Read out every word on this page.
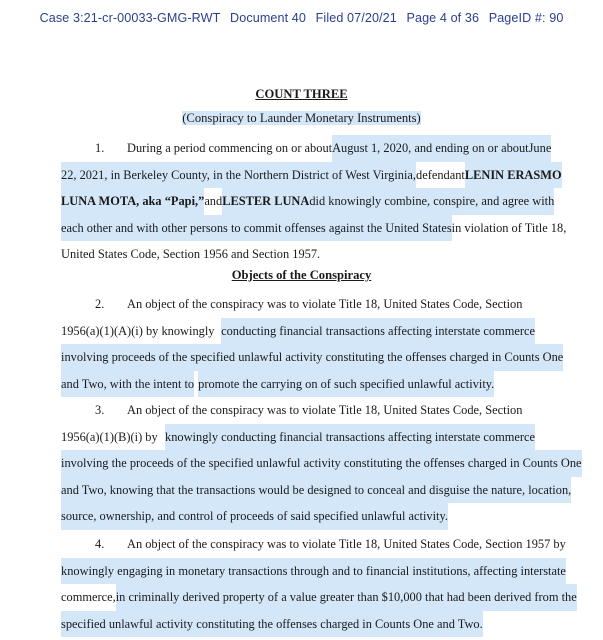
Case 3:21-cr-00033-GMG-RWT Document 40 Filed 07/20/21 Page 4 of 36 PageID #: 90
COUNT THREE
(Conspiracy to Launder Monetary Instruments)
1. During a period commencing on or about August 1, 2020, and ending on or about June
22, 2021, in Berkeley County, in the Northern District of West Virginia, defendant LENIN ERASMO
LUNA MOTA, aka “Papi,” and LESTER LUNA did knowingly combine, conspire, and agree with
each other and with other persons to commit offenses against the United States in violation of Title 18,
United States Code, Section 1956 and Section 1957.
Objects of the Conspiracy
2. An object of the conspiracy was to violate Title 18, United States Code, Section
1956(a)(1)(A)(i) by knowingly conducting financial transactions affecting interstate commerce
involving proceeds of the specified unlawful activity constituting the offenses charged in Counts One
and Two, with the intent to promote the carrying on of such specified unlawful activity.
3. An object of the conspiracy was to violate Title 18, United States Code, Section
1956(a)(1)(B)(i) by knowingly conducting financial transactions affecting interstate commerce
involving the proceeds of the specified unlawful activity constituting the offenses charged in Counts One
and Two, knowing that the transactions would be designed to conceal and disguise the nature, location,
source, ownership, and control of proceeds of said specified unlawful activity.
4. An object of the conspiracy was to violate Title 18, United States Code, Section 1957 by
knowingly engaging in monetary transactions through and to financial institutions, affecting interstate
commerce, in criminally derived property of a value greater than $10,000 that had been derived from the
specified unlawful activity constituting the offenses charged in Counts One and Two.
